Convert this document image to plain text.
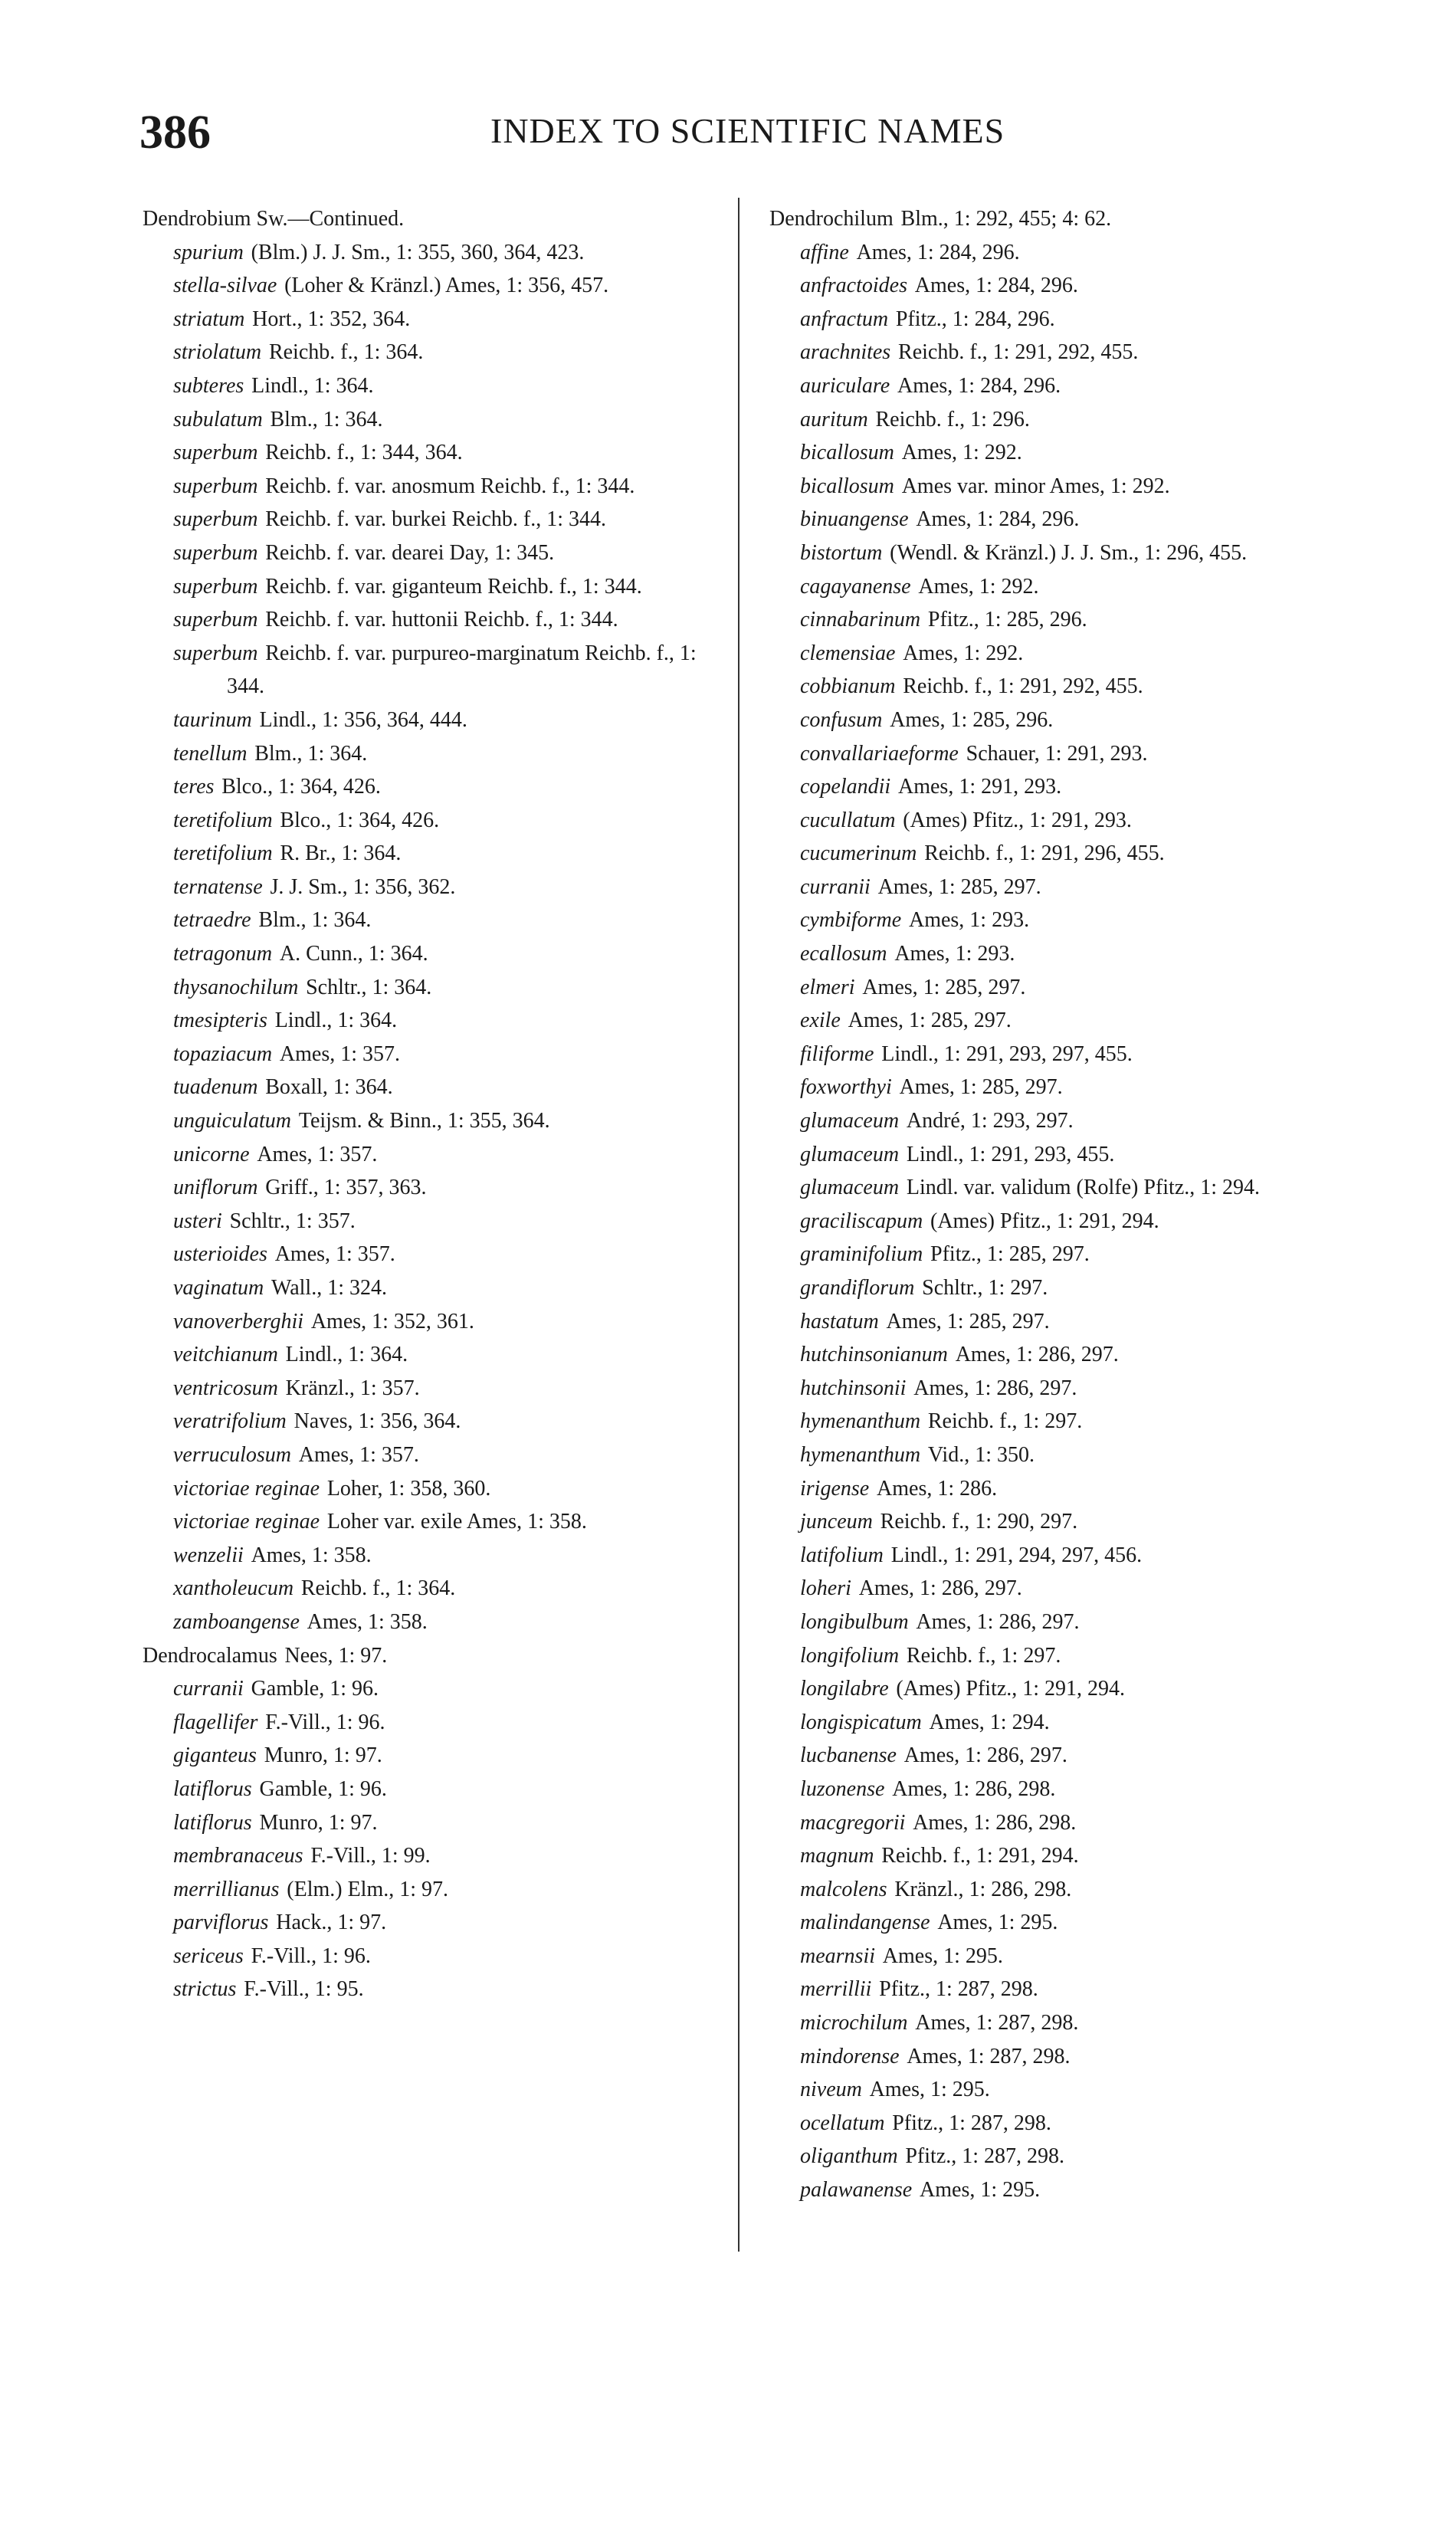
386	INDEX TO SCIENTIFIC NAMES
Dendrobium Sw.—Continued.
spurium (Blm.) J. J. Sm., 1: 355, 360, 364, 423.
stella-silvae (Loher & Kränzl.) Ames, 1: 356, 457.
striatum Hort., 1: 352, 364.
striolatum Reichb. f., 1: 364.
subteres Lindl., 1: 364.
subulatum Blm., 1: 364.
superbum Reichb. f., 1: 344, 364.
superbum Reichb. f. var. anosmum Reichb. f., 1: 344.
superbum Reichb. f. var. burkei Reichb. f., 1: 344.
superbum Reichb. f. var. dearei Day, 1: 345.
superbum Reichb. f. var. giganteum Reichb. f., 1: 344.
superbum Reichb. f. var. huttonii Reichb. f., 1: 344.
superbum Reichb. f. var. purpureo-marginatum Reichb. f., 1: 344.
taurinum Lindl., 1: 356, 364, 444.
tenellum Blm., 1: 364.
teres Blco., 1: 364, 426.
teretifolium Blco., 1: 364, 426.
teretifolium R. Br., 1: 364.
ternatense J. J. Sm., 1: 356, 362.
tetraedre Blm., 1: 364.
tetragonum A. Cunn., 1: 364.
thysanochilum Schltr., 1: 364.
tmesipteris Lindl., 1: 364.
topaziacum Ames, 1: 357.
tuadenum Boxall, 1: 364.
unguiculatum Teijsm. & Binn., 1: 355, 364.
unicorne Ames, 1: 357.
uniflorum Griff., 1: 357, 363.
usteri Schltr., 1: 357.
usterioides Ames, 1: 357.
vaginatum Wall., 1: 324.
vanoverberghii Ames, 1: 352, 361.
veitchianum Lindl., 1: 364.
ventricosum Kränzl., 1: 357.
veratrifolium Naves, 1: 356, 364.
verruculosum Ames, 1: 357.
victoriae reginae Loher, 1: 358, 360.
victoriae reginae Loher var. exile Ames, 1: 358.
wenzelii Ames, 1: 358.
xantholeucum Reichb. f., 1: 364.
zamboangense Ames, 1: 358.
Dendrocalamus Nees, 1: 97.
curranii Gamble, 1: 96.
flagellifer F.-Vill., 1: 96.
giganteus Munro, 1: 97.
latiflorus Gamble, 1: 96.
latiflorus Munro, 1: 97.
membranaceus F.-Vill., 1: 99.
merrillianus (Elm.) Elm., 1: 97.
parviflorus Hack., 1: 97.
sericeus F.-Vill., 1: 96.
strictus F.-Vill., 1: 95.
Dendrochilum Blm., 1: 292, 455; 4: 62.
affine Ames, 1: 284, 296.
anfractoides Ames, 1: 284, 296.
anfractum Pfitz., 1: 284, 296.
arachnites Reichb. f., 1: 291, 292, 455.
auriculare Ames, 1: 284, 296.
auritum Reichb. f., 1: 296.
bicallosum Ames, 1: 292.
bicallosum Ames var. minor Ames, 1: 292.
binuangense Ames, 1: 284, 296.
bistortum (Wendl. & Kränzl.) J. J. Sm., 1: 296, 455.
cagayanense Ames, 1: 292.
cinnabarinum Pfitz., 1: 285, 296.
clemensiae Ames, 1: 292.
cobbianum Reichb. f., 1: 291, 292, 455.
confusum Ames, 1: 285, 296.
convallariaeforme Schauer, 1: 291, 293.
copelandii Ames, 1: 291, 293.
cucullatum (Ames) Pfitz., 1: 291, 293.
cucumerinum Reichb. f., 1: 291, 296, 455.
curranii Ames, 1: 285, 297.
cymbiforme Ames, 1: 293.
ecallosum Ames, 1: 293.
elmeri Ames, 1: 285, 297.
exile Ames, 1: 285, 297.
filiforme Lindl., 1: 291, 293, 297, 455.
foxworthyi Ames, 1: 285, 297.
glumaceum André, 1: 293, 297.
glumaceum Lindl., 1: 291, 293, 455.
glumaceum Lindl. var. validum (Rolfe) Pfitz., 1: 294.
graciliscapum (Ames) Pfitz., 1: 291, 294.
graminifolium Pfitz., 1: 285, 297.
grandiflorum Schltr., 1: 297.
hastatum Ames, 1: 285, 297.
hutchinsonianum Ames, 1: 286, 297.
hutchinsonii Ames, 1: 286, 297.
hymenanthum Reichb. f., 1: 297.
hymenanthum Vid., 1: 350.
irigense Ames, 1: 286.
junceum Reichb. f., 1: 290, 297.
latifolium Lindl., 1: 291, 294, 297, 456.
loheri Ames, 1: 286, 297.
longibulbum Ames, 1: 286, 297.
longifolium Reichb. f., 1: 297.
longilabre (Ames) Pfitz., 1: 291, 294.
longispicatum Ames, 1: 294.
lucbanense Ames, 1: 286, 297.
luzonense Ames, 1: 286, 298.
macgregorii Ames, 1: 286, 298.
magnum Reichb. f., 1: 291, 294.
malcolens Kränzl., 1: 286, 298.
malindangense Ames, 1: 295.
mearnsii Ames, 1: 295.
merrillii Pfitz., 1: 287, 298.
microchilum Ames, 1: 287, 298.
mindorense Ames, 1: 287, 298.
niveum Ames, 1: 295.
ocellatum Pfitz., 1: 287, 298.
oliganthum Pfitz., 1: 287, 298.
palawanense Ames, 1: 295.
